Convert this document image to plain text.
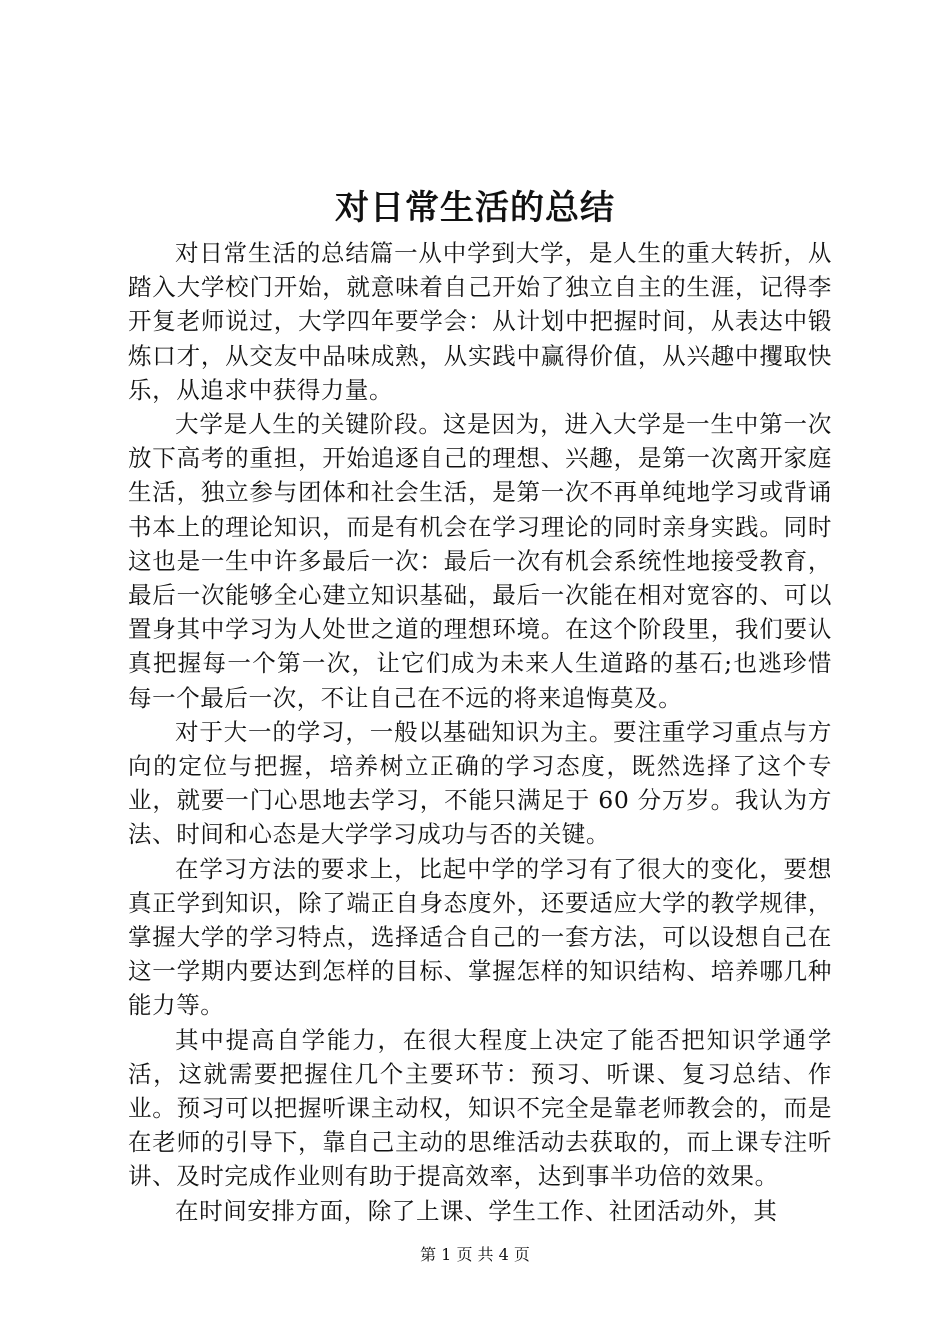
对日常生活的总结

对日常生活的总结篇一从中学到大学，是人生的重大转折，从踏入大学校门开始，就意味着自己开始了独立自主的生涯，记得李开复老师说过，大学四年要学会：从计划中把握时间，从表达中锻炼口才，从交友中品味成熟，从实践中赢得价值，从兴趣中攫取快乐，从追求中获得力量。

大学是人生的关键阶段。这是因为，进入大学是一生中第一次放下高考的重担，开始追逐自己的理想、兴趣，是第一次离开家庭生活，独立参与团体和社会生活，是第一次不再单纯地学习或背诵书本上的理论知识，而是有机会在学习理论的同时亲身实践。同时这也是一生中许多最后一次：最后一次有机会系统性地接受教育，最后一次能够全心建立知识基础，最后一次能在相对宽容的、可以置身其中学习为人处世之道的理想环境。在这个阶段里，我们要认真把握每一个第一次，让它们成为未来人生道路的基石;也逃珍惜每一个最后一次，不让自己在不远的将来追悔莫及。

对于大一的学习，一般以基础知识为主。要注重学习重点与方向的定位与把握，培养树立正确的学习态度，既然选择了这个专业，就要一门心思地去学习，不能只满足于 60 分万岁。我认为方法、时间和心态是大学学习成功与否的关键。

在学习方法的要求上，比起中学的学习有了很大的变化，要想真正学到知识，除了端正自身态度外，还要适应大学的教学规律，掌握大学的学习特点，选择适合自己的一套方法，可以设想自己在这一学期内要达到怎样的目标、掌握怎样的知识结构、培养哪几种能力等。

其中提高自学能力，在很大程度上决定了能否把知识学通学活，这就需要把握住几个主要环节：预习、听课、复习总结、作业。预习可以把握听课主动权，知识不完全是靠老师教会的，而是在老师的引导下，靠自己主动的思维活动去获取的，而上课专注听讲、及时完成作业则有助于提高效率，达到事半功倍的效果。

在时间安排方面，除了上课、学生工作、社团活动外，其

第 1 页 共 4 页
